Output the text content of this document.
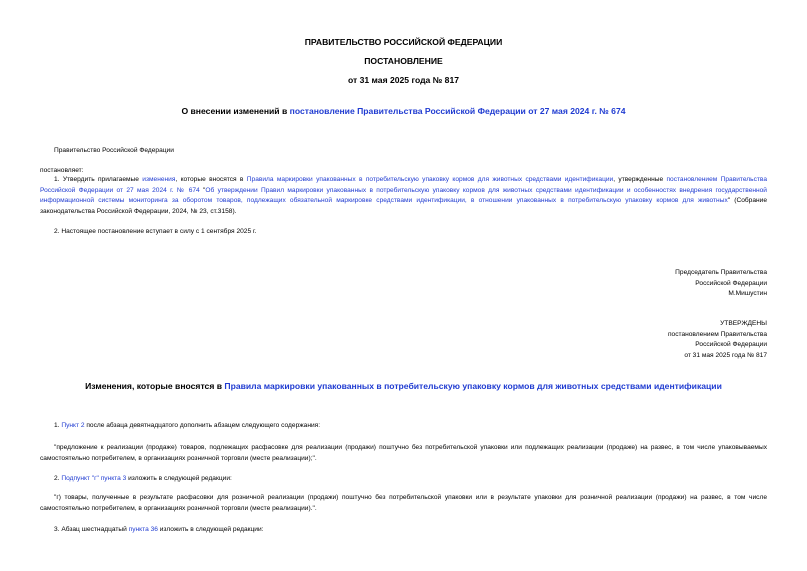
ПРАВИТЕЛЬСТВО РОССИЙСКОЙ ФЕДЕРАЦИИ
ПОСТАНОВЛЕНИЕ
от 31 мая 2025 года № 817
О внесении изменений в постановление Правительства Российской Федерации от 27 мая 2024 г. № 674
Правительство Российской Федерации
постановляет:
1. Утвердить прилагаемые изменения, которые вносятся в Правила маркировки упакованных в потребительскую упаковку кормов для животных средствами идентификации, утвержденные постановлением Правительства Российской Федерации от 27 мая 2024 г. № 674 "Об утверждении Правил маркировки упакованных в потребительскую упаковку кормов для животных средствами идентификации и особенностях внедрения государственной информационной системы мониторинга за оборотом товаров, подлежащих обязательной маркировке средствами идентификации, в отношении упакованных в потребительскую упаковку кормов для животных" (Собрание законодательства Российской Федерации, 2024, № 23, ст.3158).
2. Настоящее постановление вступает в силу с 1 сентября 2025 г.
Председатель Правительства
Российской Федерации
М.Мишустин
УТВЕРЖДЕНЫ
постановлением Правительства
Российской Федерации
от 31 мая 2025 года № 817
Изменения, которые вносятся в Правила маркировки упакованных в потребительскую упаковку кормов для животных средствами идентификации
1. Пункт 2 после абзаца девятнадцатого дополнить абзацем следующего содержания:
"предложение к реализации (продаже) товаров, подлежащих расфасовке для реализации (продажи) поштучно без потребительской упаковки или подлежащих реализации (продаже) на развес, в том числе упаковываемых самостоятельно потребителем, в организациях розничной торговли (месте реализации);".
2. Подпункт "г" пункта 3 изложить в следующей редакции:
"г) товары, полученные в результате расфасовки для розничной реализации (продажи) поштучно без потребительской упаковки или в результате упаковки для розничной реализации (продажи) на развес, в том числе самостоятельно потребителем, в организациях розничной торговли (месте реализации).".
3. Абзац шестнадцатый пункта 36 изложить в следующей редакции:
